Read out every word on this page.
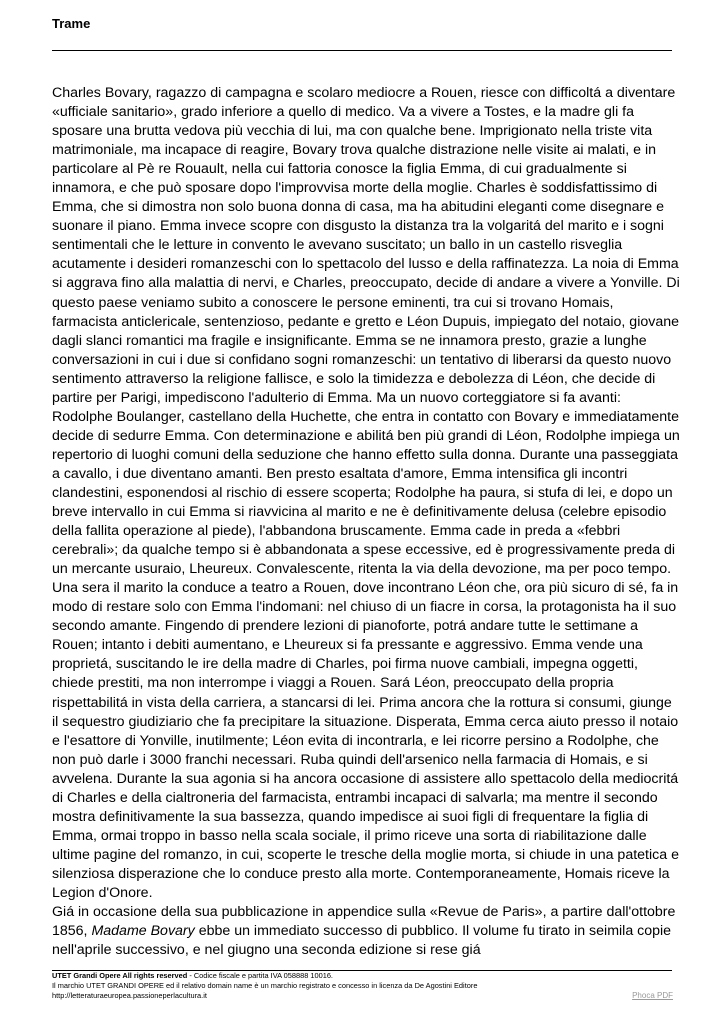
Trame

Charles Bovary, ragazzo di campagna e scolaro mediocre a Rouen, riesce con difficoltá a diventare «ufficiale sanitario», grado inferiore a quello di medico. Va a vivere a Tostes, e la madre gli fa sposare una brutta vedova più vecchia di lui, ma con qualche bene. Imprigionato nella triste vita matrimoniale, ma incapace di reagire, Bovary trova qualche distrazione nelle visite ai malati, e in particolare al Pè re Rouault, nella cui fattoria conosce la figlia Emma, di cui gradualmente si innamora, e che può sposare dopo l'improvvisa morte della moglie. Charles è soddisfattissimo di Emma, che si dimostra non solo buona donna di casa, ma ha abitudini eleganti come disegnare e suonare il piano. Emma invece scopre con disgusto la distanza tra la volgaritá del marito e i sogni sentimentali che le letture in convento le avevano suscitato; un ballo in un castello risveglia acutamente i desideri romanzeschi con lo spettacolo del lusso e della raffinatezza. La noia di Emma si aggrava fino alla malattia di nervi, e Charles, preoccupato, decide di andare a vivere a Yonville. Di questo paese veniamo subito a conoscere le persone eminenti, tra cui si trovano Homais, farmacista anticlericale, sentenzioso, pedante e gretto e Léon Dupuis, impiegato del notaio, giovane dagli slanci romantici ma fragile e insignificante. Emma se ne innamora presto, grazie a lunghe conversazioni in cui i due si confidano sogni romanzeschi: un tentativo di liberarsi da questo nuovo sentimento attraverso la religione fallisce, e solo la timidezza e debolezza di Léon, che decide di partire per Parigi, impediscono l'adulterio di Emma. Ma un nuovo corteggiatore si fa avanti: Rodolphe Boulanger, castellano della Huchette, che entra in contatto con Bovary e immediatamente decide di sedurre Emma. Con determinazione e abilitá ben più grandi di Léon, Rodolphe impiega un repertorio di luoghi comuni della seduzione che hanno effetto sulla donna. Durante una passeggiata a cavallo, i due diventano amanti. Ben presto esaltata d'amore, Emma intensifica gli incontri clandestini, esponendosi al rischio di essere scoperta; Rodolphe ha paura, si stufa di lei, e dopo un breve intervallo in cui Emma si riavvicina al marito e ne è definitivamente delusa (celebre episodio della fallita operazione al piede), l'abbandona bruscamente. Emma cade in preda a «febbri cerebrali»; da qualche tempo si è abbandonata a spese eccessive, ed è progressivamente preda di un mercante usuraio, Lheureux. Convalescente, ritenta la via della devozione, ma per poco tempo. Una sera il marito la conduce a teatro a Rouen, dove incontrano Léon che, ora più sicuro di sé, fa in modo di restare solo con Emma l'indomani: nel chiuso di un fiacre in corsa, la protagonista ha il suo secondo amante. Fingendo di prendere lezioni di pianoforte, potrá andare tutte le settimane a Rouen; intanto i debiti aumentano, e Lheureux si fa pressante e aggressivo. Emma vende una proprietá, suscitando le ire della madre di Charles, poi firma nuove cambiali, impegna oggetti, chiede prestiti, ma non interrompe i viaggi a Rouen. Sará Léon, preoccupato della propria rispettabilitá in vista della carriera, a stancarsi di lei. Prima ancora che la rottura si consumi, giunge il sequestro giudiziario che fa precipitare la situazione. Disperata, Emma cerca aiuto presso il notaio e l'esattore di Yonville, inutilmente; Léon evita di incontrarla, e lei ricorre persino a Rodolphe, che non può darle i 3000 franchi necessari. Ruba quindi dell'arsenico nella farmacia di Homais, e si avvelena. Durante la sua agonia si ha ancora occasione di assistere allo spettacolo della mediocritá di Charles e della cialtroneria del farmacista, entrambi incapaci di salvarla; ma mentre il secondo mostra definitivamente la sua bassezza, quando impedisce ai suoi figli di frequentare la figlia di Emma, ormai troppo in basso nella scala sociale, il primo riceve una sorta di riabilitazione dalle ultime pagine del romanzo, in cui, scoperte le tresche della moglie morta, si chiude in una patetica e silenziosa disperazione che lo conduce presto alla morte. Contemporaneamente, Homais riceve la Legion d'Onore.

Giá in occasione della sua pubblicazione in appendice sulla «Revue de Paris», a partire dall'ottobre 1856, Madame Bovary ebbe un immediato successo di pubblico. Il volume fu tirato in seimila copie nell'aprile successivo, e nel giugno una seconda edizione si rese giá

UTET Grandi Opere All rights reserved - Codice fiscale e partita IVA 058888 10016.
Il marchio UTET GRANDI OPERE ed il relativo domain name è un marchio registrato e concesso in licenza da De Agostini Editore
http://letteraturaeuropea.passioneperlacultura.it	Phoca PDF
